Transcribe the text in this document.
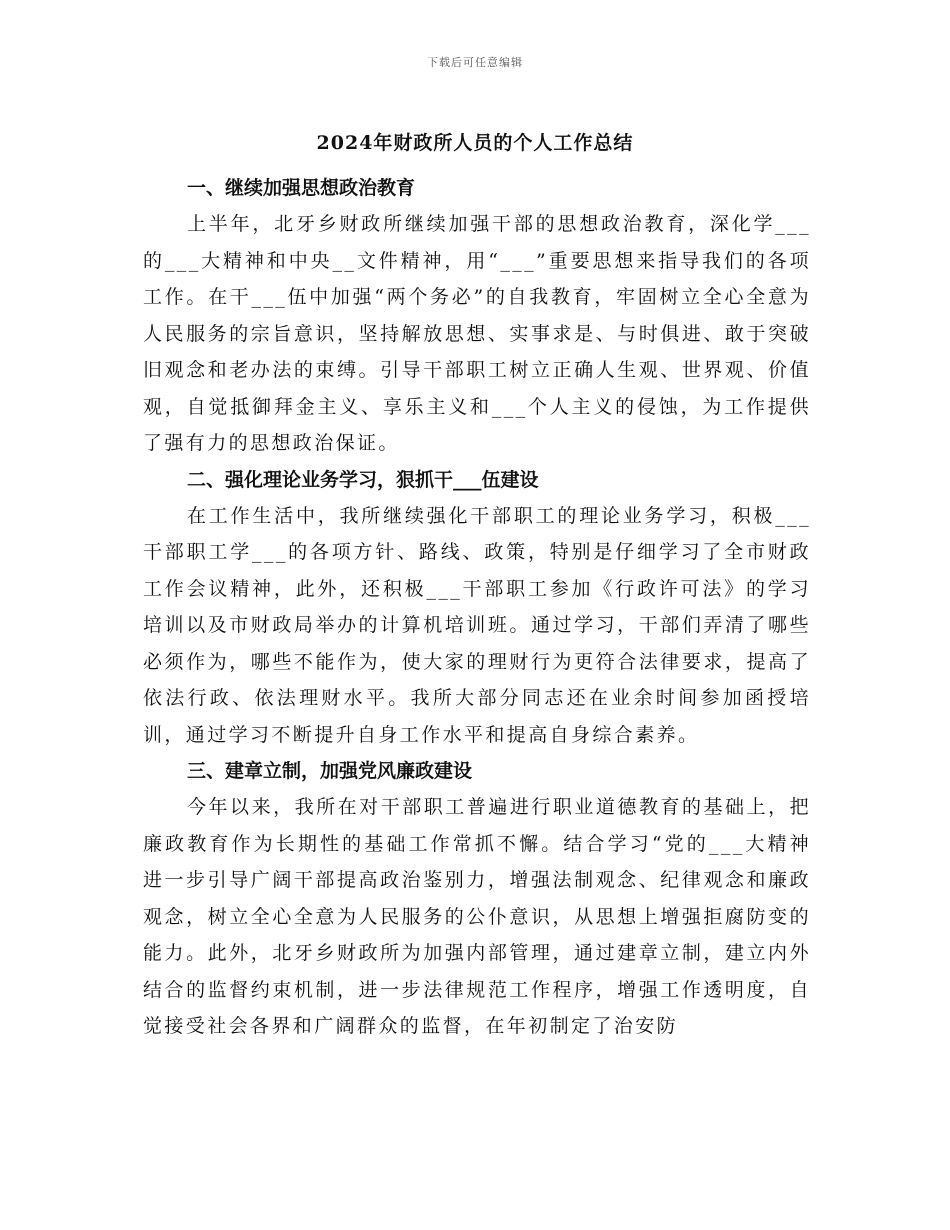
下载后可任意编辑
2024年财政所人员的个人工作总结

一、继续加强思想政治教育

上半年，北牙乡财政所继续加强干部的思想政治教育，深化学___的___大精神和中央__文件精神，用“___”重要思想来指导我们的各项工作。在干___伍中加强“两个务必”的自我教育，牢固树立全心全意为人民服务的宗旨意识，坚持解放思想、实事求是、与时俱进、敢于突破旧观念和老办法的束缚。引导干部职工树立正确人生观、世界观、价值观，自觉抵御拜金主义、享乐主义和___个人主义的侵蚀，为工作提供了强有力的思想政治保证。

二、强化理论业务学习，狠抓干___伍建设

在工作生活中，我所继续强化干部职工的理论业务学习，积极___干部职工学___的各项方针、路线、政策，特别是仔细学习了全市财政工作会议精神，此外，还积极___干部职工参加《行政许可法》的学习培训以及市财政局举办的计算机培训班。通过学习，干部们弄清了哪些必须作为，哪些不能作为，使大家的理财行为更符合法律要求，提高了依法行政、依法理财水平。我所大部分同志还在业余时间参加函授培训，通过学习不断提升自身工作水平和提高自身综合素养。

三、建章立制，加强党风廉政建设

今年以来，我所在对干部职工普遍进行职业道德教育的基础上，把廉政教育作为长期性的基础工作常抓不懈。结合学习“党的___大精神进一步引导广阔干部提高政治鉴别力，增强法制观念、纪律观念和廉政观念，树立全心全意为人民服务的公仆意识，从思想上增强拒腐防变的能力。此外，北牙乡财政所为加强内部管理，通过建章立制，建立内外结合的监督约束机制，进一步法律规范工作程序，增强工作透明度，自觉接受社会各界和广阔群众的监督，在年初制定了治安防
